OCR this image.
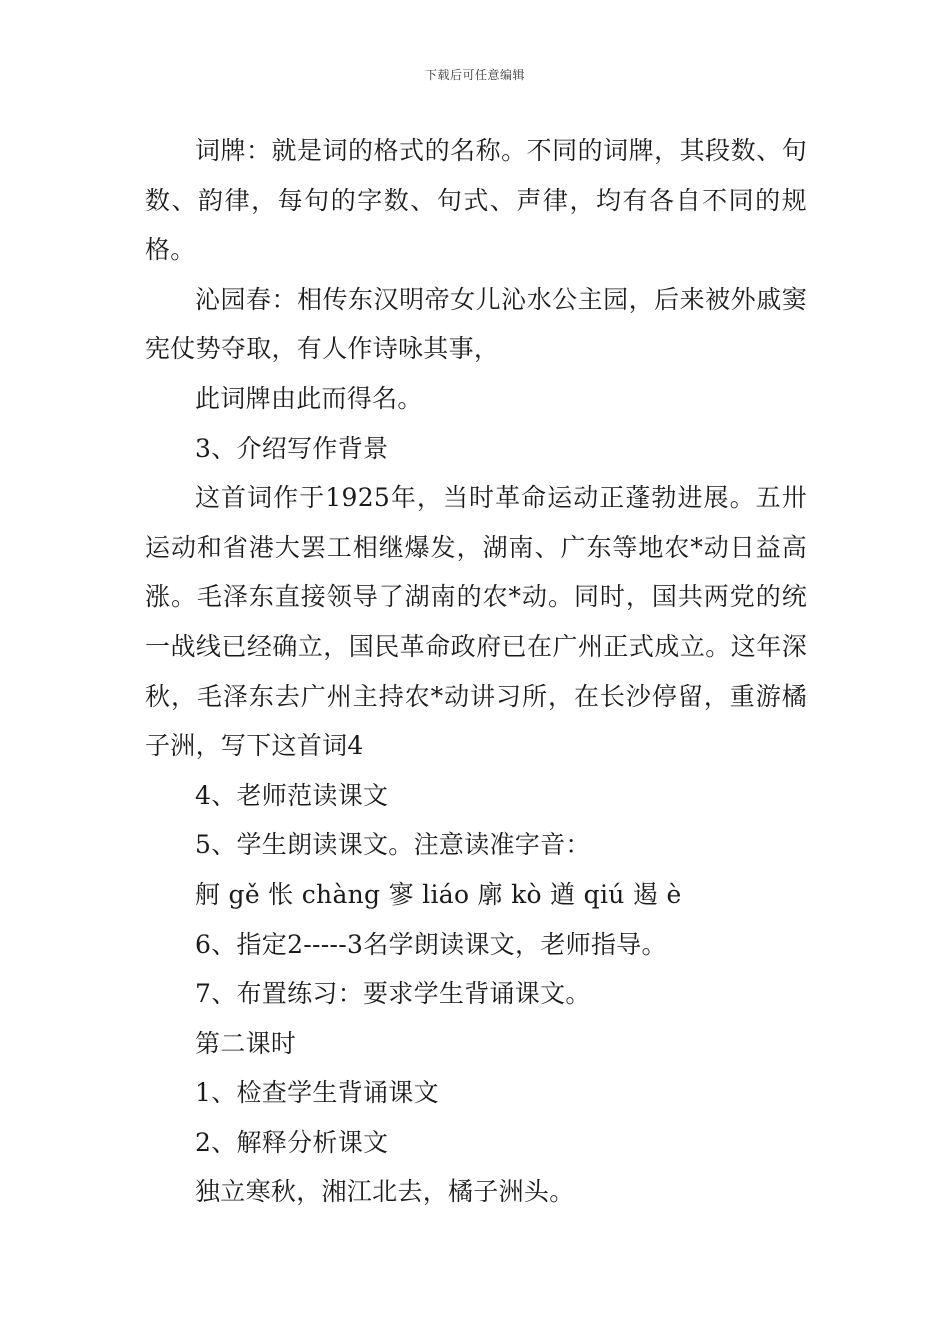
下载后可任意编辑

词牌：就是词的格式的名称。不同的词牌，其段数、句数、韵律，每句的字数、句式、声律，均有各自不同的规格。

沁园春：相传东汉明帝女儿沁水公主园，后来被外戚窦宪仗势夺取，有人作诗咏其事，

此词牌由此而得名。

3、介绍写作背景

这首词作于1925年，当时革命运动正蓬勃进展。五卅运动和省港大罢工相继爆发，湖南、广东等地农*动日益高涨。毛泽东直接领导了湖南的农*动。同时，国共两党的统一战线已经确立，国民革命政府已在广州正式成立。这年深秋，毛泽东去广州主持农*动讲习所，在长沙停留，重游橘子洲，写下这首词4

4、老师范读课文

5、学生朗读课文。注意读准字音：

舸 gě 怅 chàng 寥 liáo 廓 kò 遒 qiú 遏 è

6、指定2-----3名学朗读课文，老师指导。

7、布置练习：要求学生背诵课文。

第二课时

1、检查学生背诵课文

2、解释分析课文

独立寒秋，湘江北去，橘子洲头。
